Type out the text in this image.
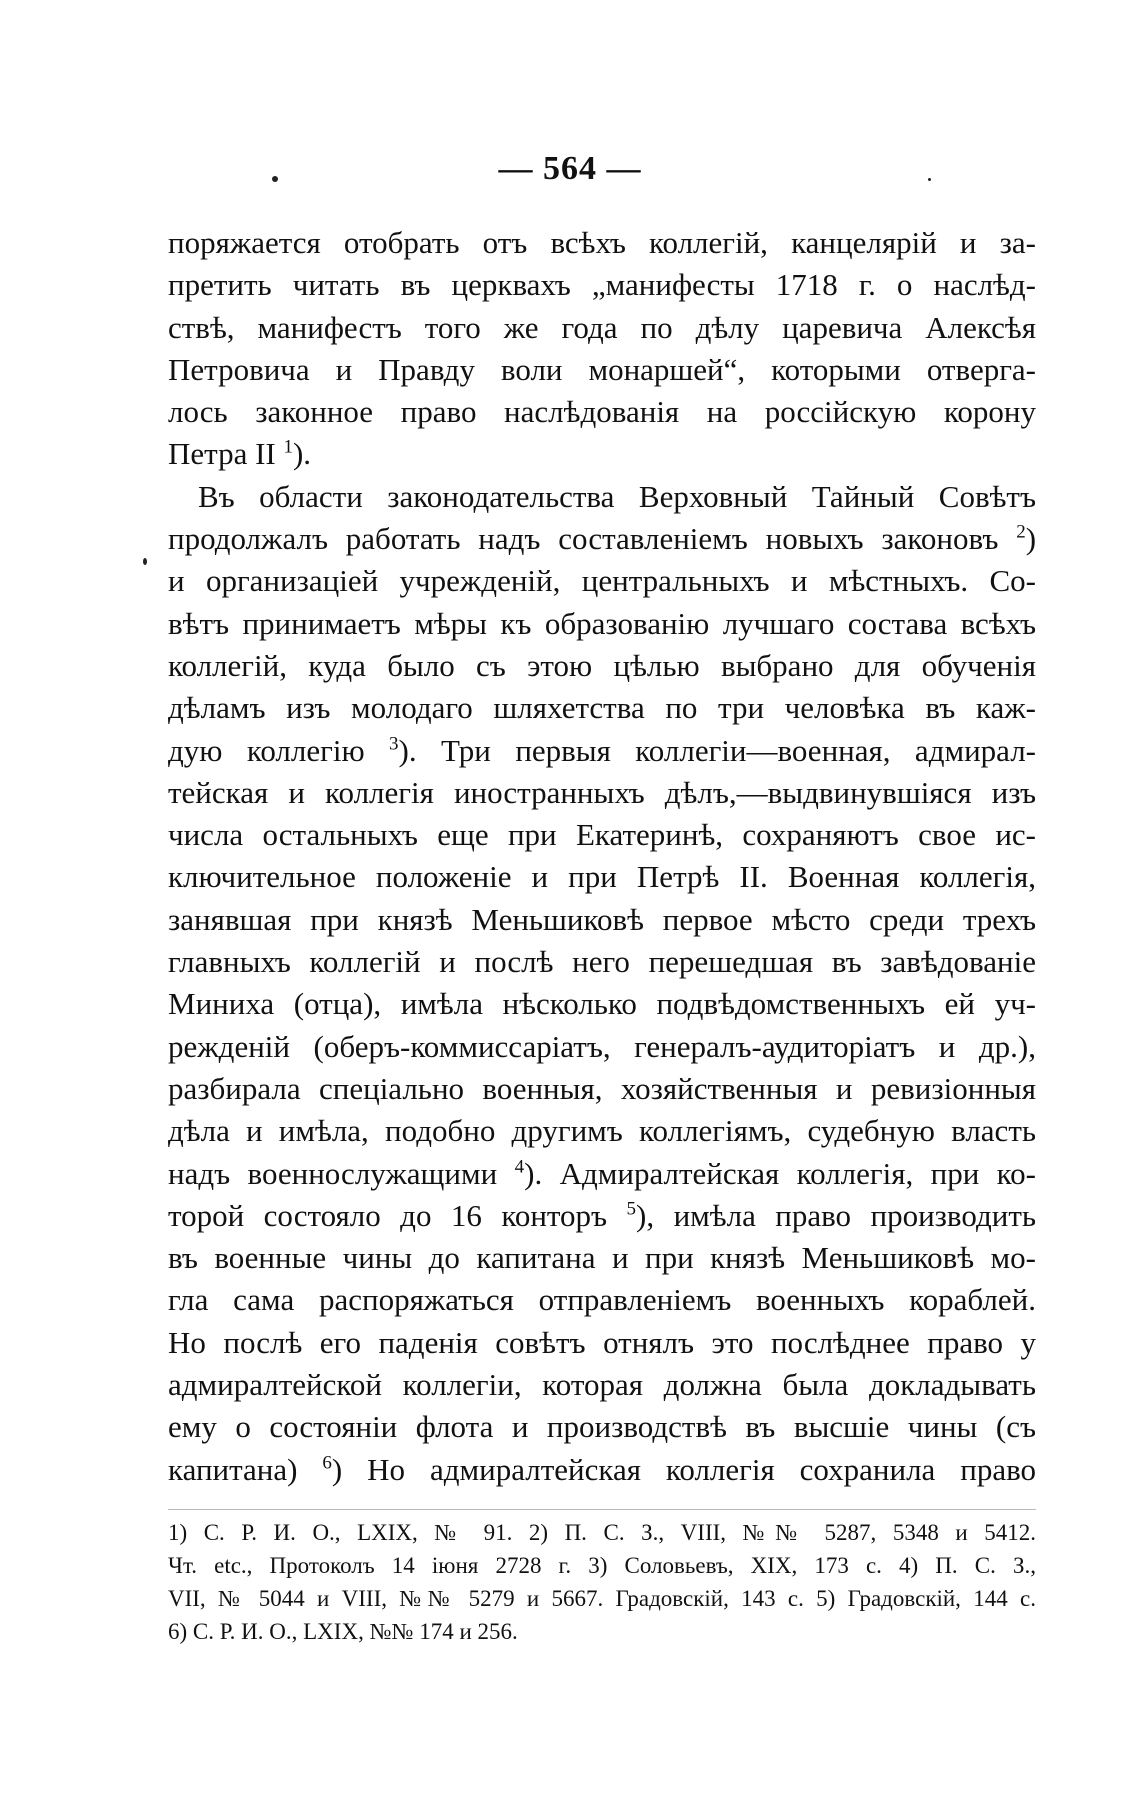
— 564 —
поряжается отобрать отъ всѣхъ коллегій, канцелярій и за-
претить читать въ церквахъ „манифесты 1718 г. о наслѣд-
ствѣ, манифестъ того же года по дѣлу царевича Алексѣя
Петровича и Правду воли монаршей“, которыми отверга-
лось законное право наслѣдованія на россійскую корону
Петра II $^1$).
Въ области законодательства Верховный Тайный Совѣтъ
продолжалъ работать надъ составленіемъ новыхъ законовъ $^2$)
и организаціей учрежденій, центральныхъ и мѣстныхъ. Со-
вѣтъ принимаетъ мѣры къ образованію лучшаго состава всѣхъ
коллегій, куда было съ этою цѣлью выбрано для обученія
дѣламъ изъ молодаго шляхетства по три человѣка въ каж-
дую коллегію $^3$). Три первыя коллегіи—военная, адмирал-
тейская и коллегія иностранныхъ дѣлъ,—выдвинувшіяся изъ
числа остальныхъ еще при Екатеринѣ, сохраняютъ свое ис-
ключительное положеніе и при Петрѣ II. Военная коллегія,
занявшая при князѣ Меньшиковѣ первое мѣсто среди трехъ
главныхъ коллегій и послѣ него перешедшая въ завѣдованіе
Миниха (отца), имѣла нѣсколько подвѣдомственныхъ ей уч-
режденій (оберъ-коммиссаріатъ, генералъ-аудиторіатъ и др.),
разбирала спеціально военныя, хозяйственныя и ревизіонныя
дѣла и имѣла, подобно другимъ коллегіямъ, судебную власть
надъ военнослужащими $^4$). Адмиралтейская коллегія, при ко-
торой состояло до 16 конторъ $^5$), имѣла право производить
въ военные чины до капитана и при князѣ Меньшиковѣ мо-
гла сама распоряжаться отправленіемъ военныхъ кораблей.
Но послѣ его паденія совѣтъ отнялъ это послѣднее право у
адмиралтейской коллегіи, которая должна была докладывать
ему о состояніи флота и производствѣ въ высшіе чины (съ
капитана) $^6$) Но адмиралтейская коллегія сохранила право
1) С. Р. И. О., LXIX, № 91. 2) П. С. З., VIII, №№ 5287, 5348 и 5412.
Чт. etc., Протоколъ 14 іюня 2728 г. 3) Соловьевъ, XIX, 173 с. 4) П. С. З.,
VII, № 5044 и VIII, №№ 5279 и 5667. Градовскій, 143 с. 5) Градовскій, 144 с.
6) С. Р. И. О., LXIX, №№ 174 и 256.
